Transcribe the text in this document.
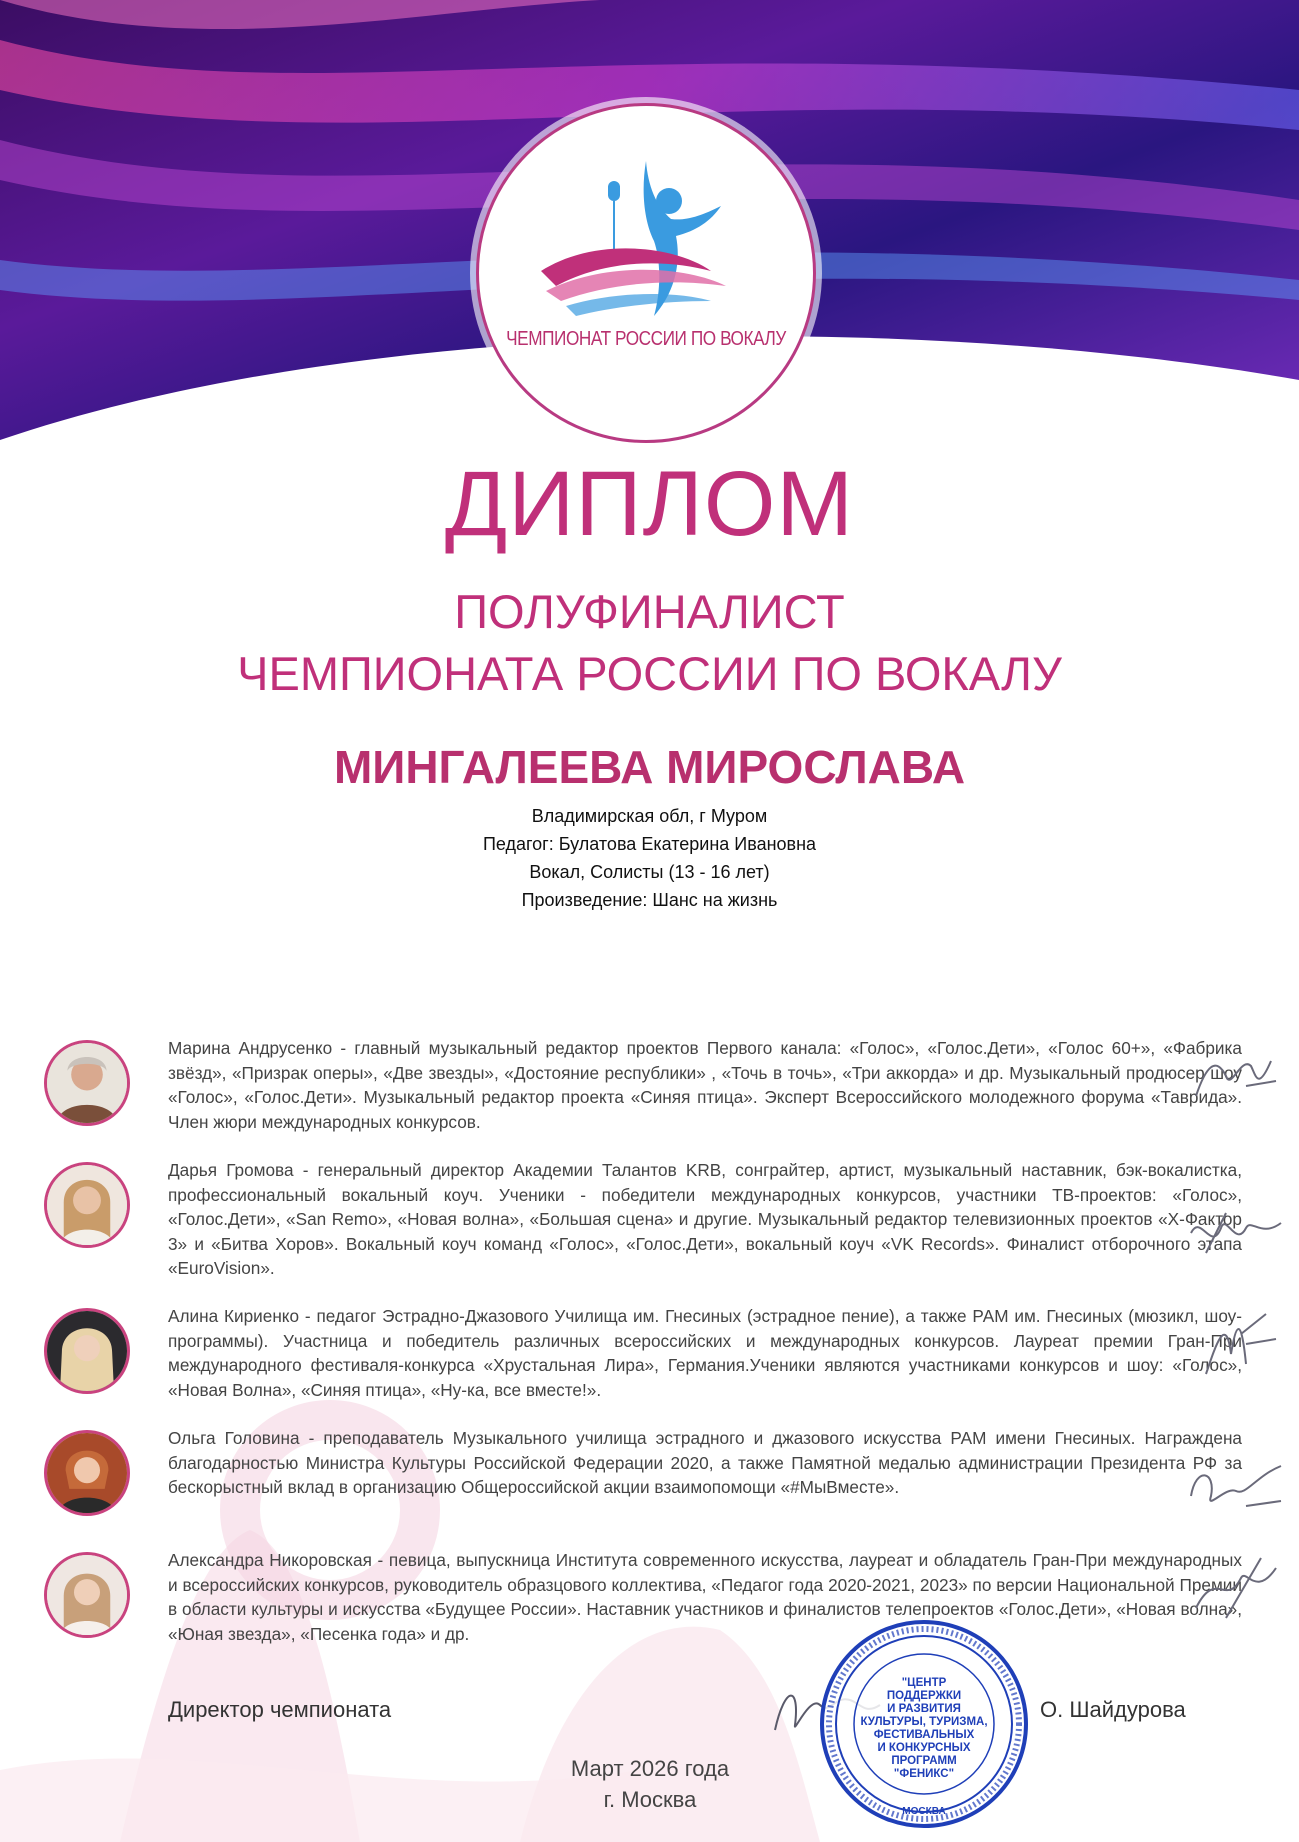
ЧЕМПИОНАТ РОССИИ ПО ВОКАЛУ
ДИПЛОМ
ПОЛУФИНАЛИСТ
ЧЕМПИОНАТА РОССИИ ПО ВОКАЛУ
МИНГАЛЕЕВА МИРОСЛАВА
Владимирская обл, г Муром
Педагог: Булатова Екатерина Ивановна
Вокал, Солисты (13 - 16 лет)
Произведение: Шанс на жизнь
Марина Андрусенко - главный музыкальный редактор проектов Первого канала: «Голос», «Голос.Дети», «Голос 60+», «Фабрика звёзд», «Призрак оперы», «Две звезды», «Достояние республики» , «Точь в точь», «Три аккорда» и др. Музыкальный продюсер шоу «Голос», «Голос.Дети». Музыкальный редактор проекта «Синяя птица». Эксперт Всероссийского молодежного форума «Таврида». Член жюри международных конкурсов.
Дарья Громова - генеральный директор Академии Талантов KRB, сонграйтер, артист, музыкальный наставник, бэк-вокалистка, профессиональный вокальный коуч. Ученики - победители международных конкурсов, участники ТВ-проектов: «Голос», «Голос.Дети», «San Remo», «Новая волна», «Большая сцена» и другие. Музыкальный редактор телевизионных проектов «Х-Фактор 3» и «Битва Хоров». Вокальный коуч команд «Голос», «Голос.Дети», вокальный коуч «VK Records». Финалист отборочного этапа «EuroVision».
Алина Кириенко - педагог Эстрадно-Джазового Училища им. Гнесиных (эстрадное пение), а также РАМ им. Гнесиных (мюзикл, шоу-программы). Участница и победитель различных всероссийских и международных конкурсов. Лауреат премии Гран-При международного фестиваля-конкурса «Хрустальная Лира», Германия.Ученики являются участниками конкурсов и шоу: «Голос», «Новая Волна», «Синяя птица», «Ну-ка, все вместе!».
Ольга Головина - преподаватель Музыкального училища эстрадного и джазового искусства РАМ имени Гнесиных. Награждена благодарностью Министра Культуры Российской Федерации 2020, а также Памятной медалью администрации Президента РФ за бескорыстный вклад в организацию Общероссийской акции взаимопомощи «#МыВместе».
Александра Никоровская - певица, выпускница Института современного искусства, лауреат и обладатель Гран-При международных и всероссийских конкурсов, руководитель образцового коллектива, «Педагог года 2020-2021, 2023» по версии Национальной Премии в области культуры и искусства «Будущее России». Наставник участников и финалистов телепроектов «Голос.Дети», «Новая волна», «Юная звезда», «Песенка года» и др.
Директор чемпионата
"ЦЕНТР ПОДДЕРЖКИ И РАЗВИТИЯ КУЛЬТУРЫ, ТУРИЗМА, ФЕСТИВАЛЬНЫХ И КОНКУРСНЫХ ПРОГРАММ "ФЕНИКС"
МОСКВА
О. Шайдурова
Март 2026 года
г. Москва
